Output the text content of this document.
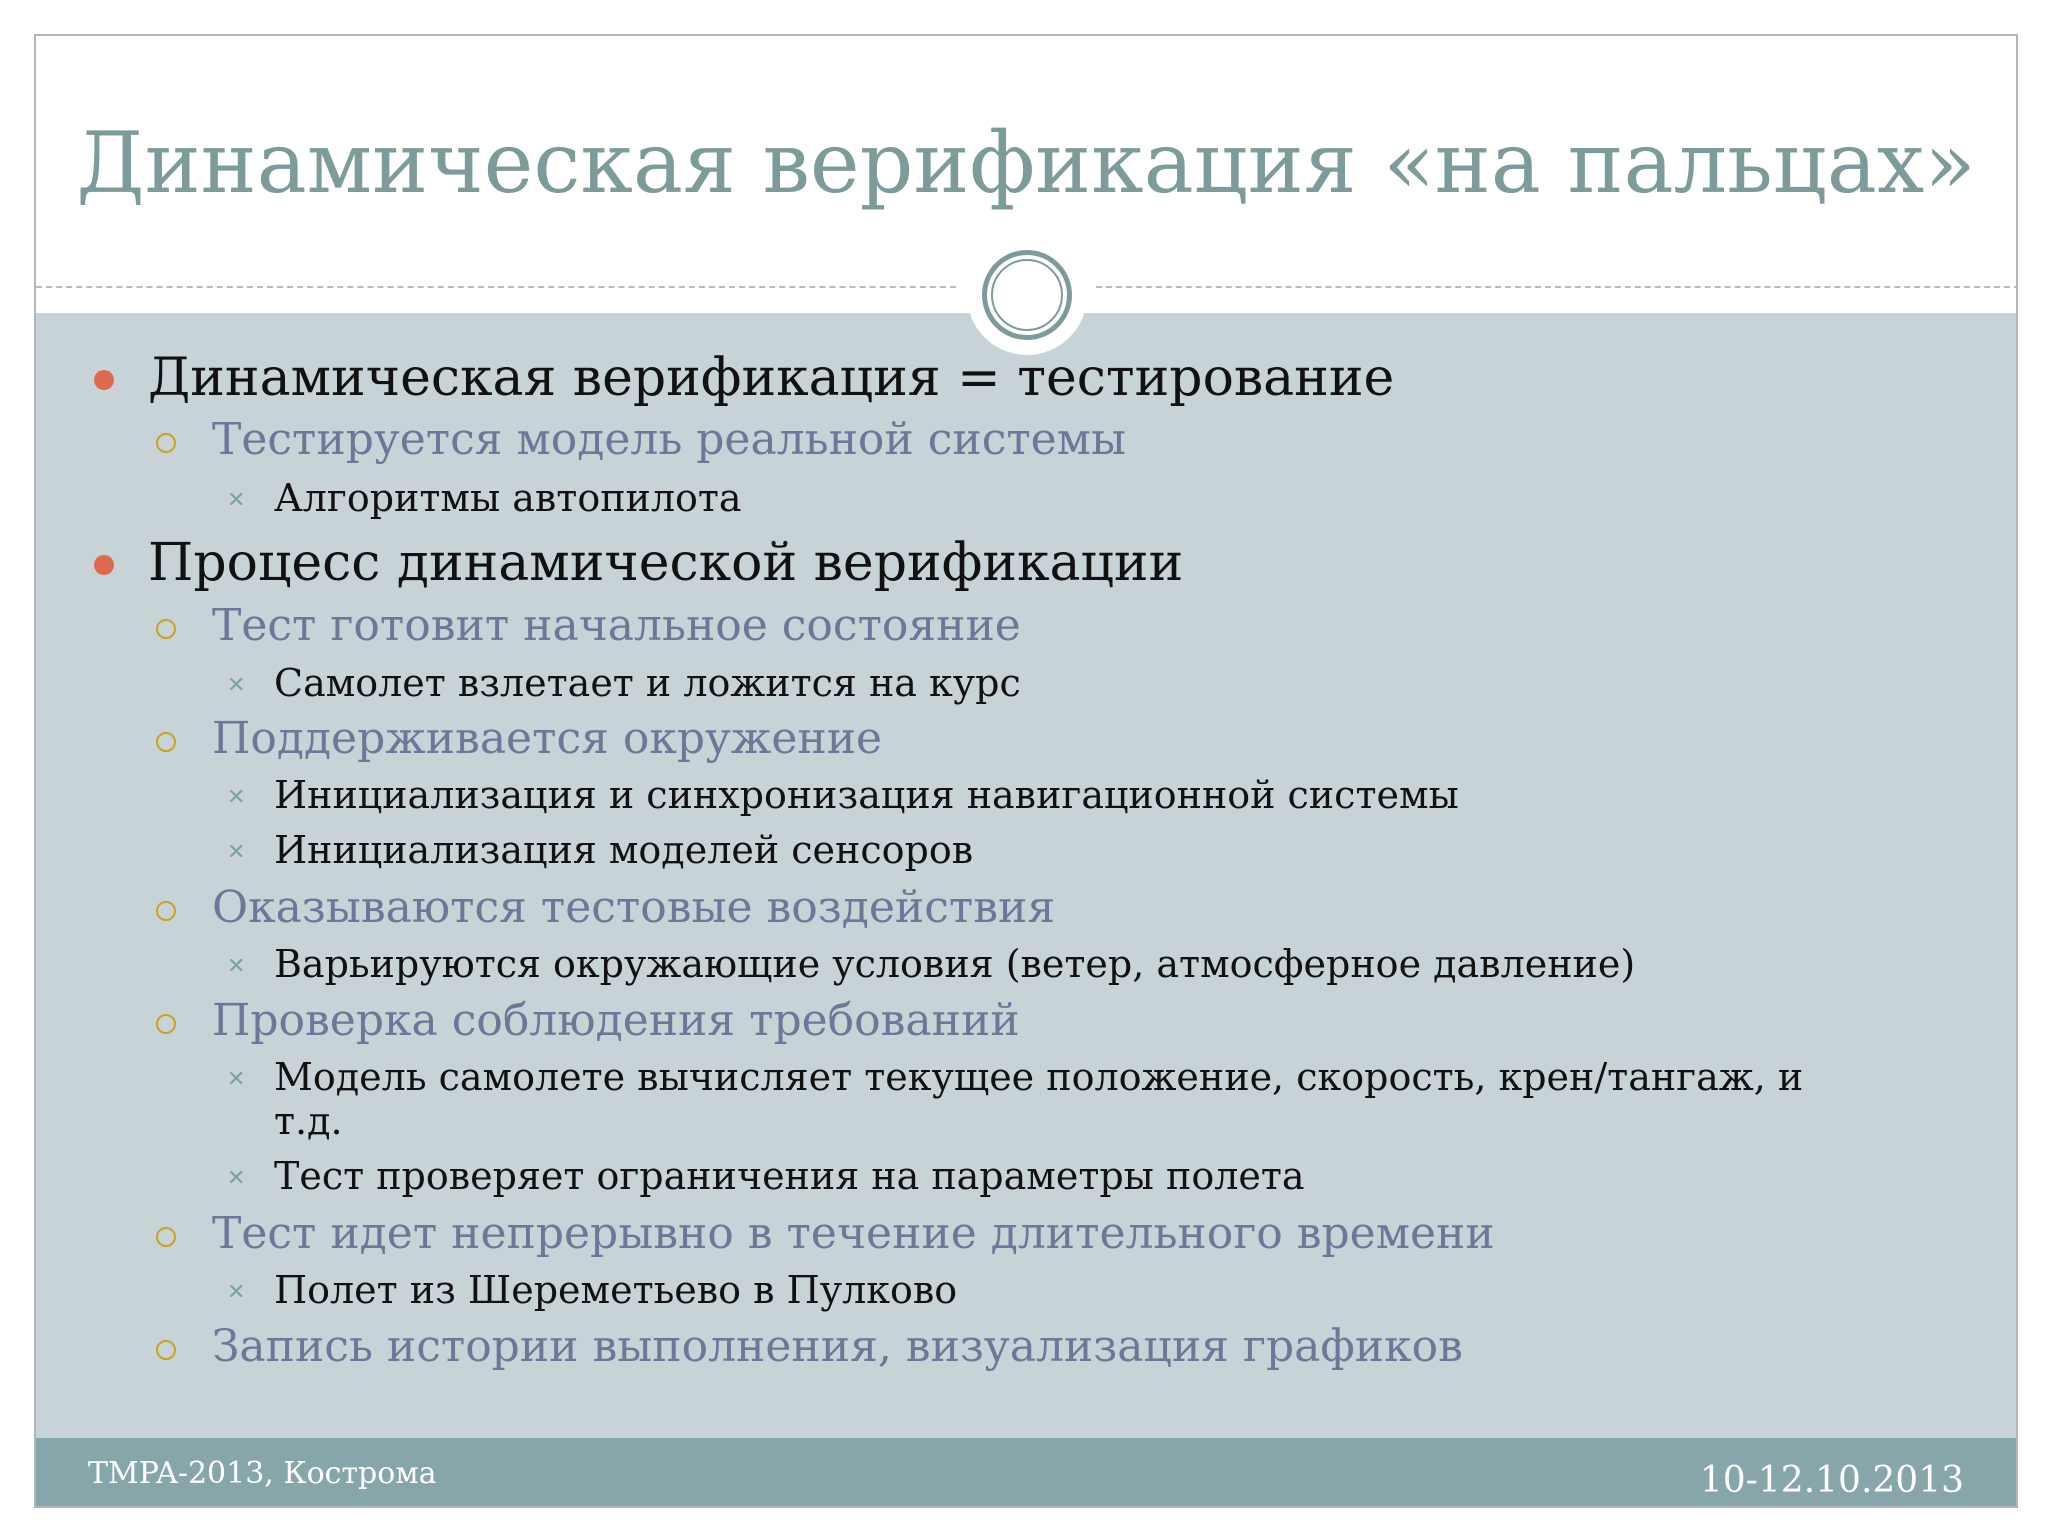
Динамическая верификация «на пальцах»
Динамическая верификация = тестирование
Тестируется модель реальной системы
✕ Алгоритмы автопилота
Процесс динамической верификации
Тест готовит начальное состояние
✕ Самолет взлетает и ложится на курс
Поддерживается окружение
✕ Инициализация и синхронизация навигационной системы
✕ Инициализация моделей сенсоров
Оказываются тестовые воздействия
✕ Варьируются окружающие условия (ветер, атмосферное давление)
Проверка соблюдения требований
✕ Модель самолете вычисляет текущее положение, скорость, крен/тангаж, и
т.д.
✕ Тест проверяет ограничения на параметры полета
Тест идет непрерывно в течение длительного времени
✕ Полет из Шереметьево в Пулково
Запись истории выполнения, визуализация графиков
TMPA-2013, Кострома	10-12.10.2013
